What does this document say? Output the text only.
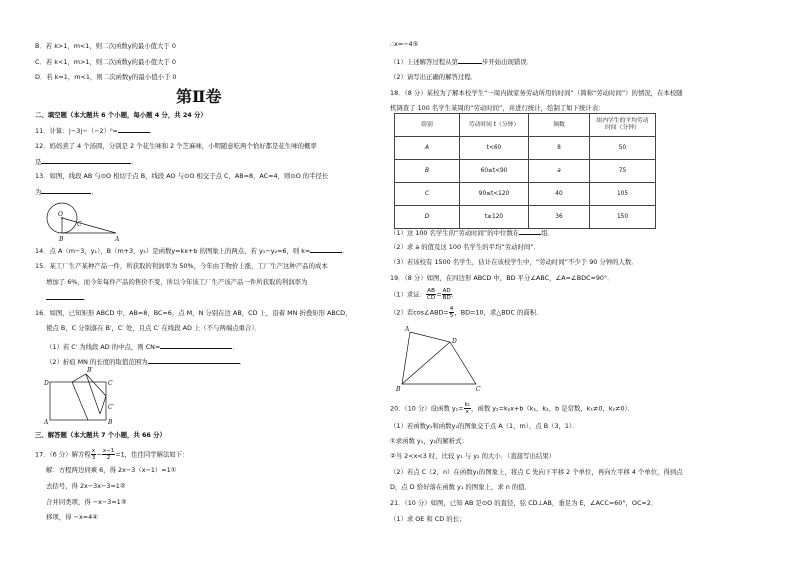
B．若 k>1，m<1，则二次函数y的最小值大于 0
C．若 k<1，m>1，则二次函数y的最小值大于 0
D．若 k=1，m<1，则二次函数y的最小值小于 0
第Ⅱ卷
二、填空题（本大题共 6 个小题，每小题 4 分，共 24 分）
11．计算：|−3|−（−2）⁰=	．
12．妈妈煮了 4 个汤圆，分别是 2 个花生味和 2 个芝麻味，小明随意吃两个恰好都是花生味的概率
是	．
13．如图，线段 AB 与⊙O 相切于点 B，线段 AO 与⊙O 相交于点 C，AB=8，AC=4，则⊙O 的半径长
为	．
O
C
B	A
14．点 A（m−3，y₁），B（m+3，y₂）是函数y=kx+b 的图象上的两点，若 y₁−y₂=6，则 k=	．
15．某工厂生产某种产品一件，所获取的利润率为 50%，今年由于物价上涨，工厂生产这种产品的成本
增加了 6%，而今年每件产品的售价不变，所以今年该工厂生产该产品一件所获取的利润率为
．
16．如图，已知矩形 ABCD 中，AB=8，BC=6，点 M，N 分别在边 AB，CD 上，沿着 MN 折叠矩形 ABCD，
使点 B，C 分别落在 B′，C′ 处，且点 C′ 在线段 AD 上（不与两端点重合）．
（1）若 C′ 为线段 AD 的中点，则 CN=	．
（2）折痕 MN 的长度的取值范围为	．
D
A	B
C
B′
C′
三、解答题（本大题共 7 个小题，共 66 分）
17．（6 分）解方程 $\frac{x}{3} - \frac{x-1}{2} =1$，佳佳同学解法如下：
解：方程两边同乘 6，得 2x−3（x−1）=1①
去括号，得 2x−3x−3=1②
合并同类项，得 −x−3=1③
移项，得 −x=4④
∴x=−4⑤
（1）上述解答过程从第	步开始出现错误．
（2）请写出正确的解答过程．
18．（8 分）某校为了解本校学生“一周内做家务劳动所用的时间”（简称“劳动时间”）的情况，在本校随
机调查了 100 名学生某周的“劳动时间”，并进行统计，绘制了如下统计表：
组别	劳动时间 t（分钟）	频数	组内学生的平均劳动
时间（分钟）
A	t<60	8	50
B	60≤t<90	a	75
C	90≤t<120	40	105
D	t≥120	36	150
（1）这 100 名学生的“劳动时间”的中位数在	组．
（2）求 a 的值及这 100 名学生的平均“劳动时间”．
（3）若该校有 1500 名学生，估计在该校学生中，“劳动时间”不少于 90 分钟的人数．
19．（8 分）如图，在四边形 ABCD 中，BD 平分∠ABC，∠A=∠BDC=90°．
（1）求证： $\frac{AB}{CD} = \frac{AD}{BD}$ ．
（2）若cos∠ABD= $\frac{4}{5}$ ，BD=10，求△BDC 的面积．
A
D
B	C
20．（10 分）设函数 $y_1= \frac{\text{k₁}}{x}$ ，函数 y₂=k₂x+b（k₁，k₂，b 是常数，k₁≠0，k₂≠0）．
（1）若函数y₁和函数y₂的图象交于点 A（1，m），点 B（3，1）．
①求函数 y₁，y₂的解析式：
②当 2<x<3 时，比较 y₁ 与 y₂ 的大小．（直接写出结果）
（2）若点 C（2，n）在函数y₁的图象上，将点 C 先向下平移 2 个单位，再向左平移 4 个单位，得到点
D，点 D 恰好落在函数 y₁ 的图象上，求 n 的值．
21．（10 分）如图，已知 AB 是⊙O 的直径，弦 CD⊥AB，垂足为 E，∠ACC=60°，OC=2．
（1）求 OE 和 CD 的长；
